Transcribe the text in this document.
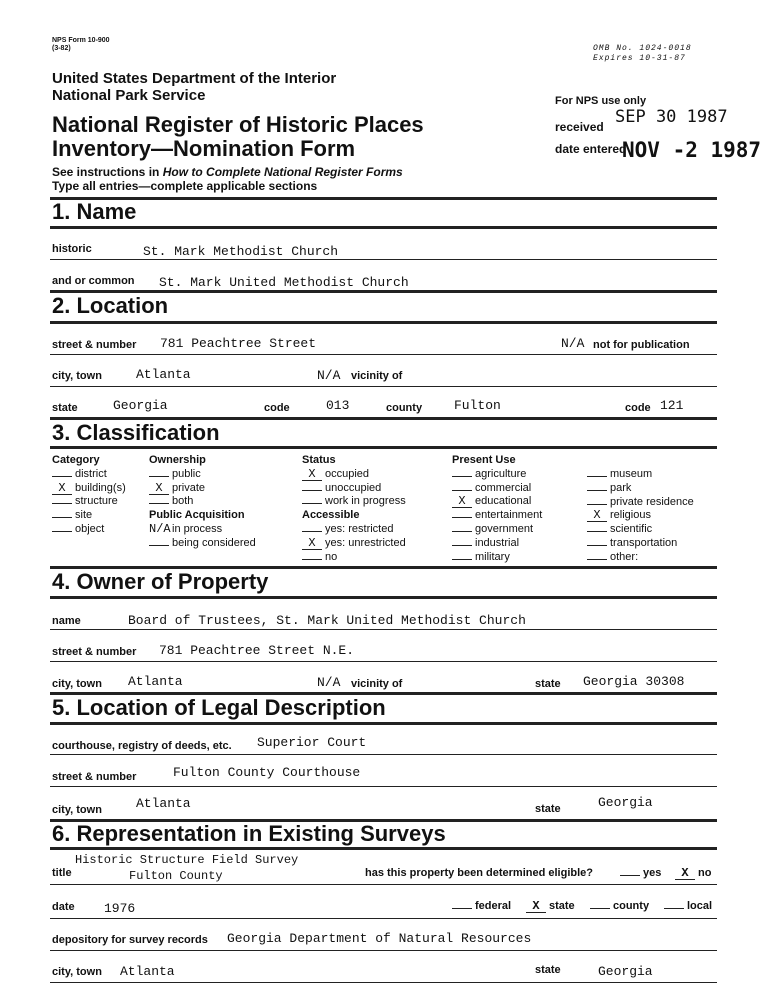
NPS Form 10-900
(3-82)	OMB No. 1024-0018
Expires 10-31-87
United States Department of the Interior
National Park Service
National Register of Historic Places
Inventory—Nomination Form
See instructions in How to Complete National Register Forms
Type all entries—complete applicable sections
For NPS use only
received SEP 30 1987
date entered
NOV -2 1987
1. Name
historic	St. Mark Methodist Church
and or common St. Mark United Methodist Church
2. Location
street & number 781 Peachtree Street	N/A not for publication
city, town	Atlanta	N/A vicinity of
state	Georgia	code	013	county Fulton	code 121
3. Classification
Category
district
X building(s)
structure
site
object
Ownership
public
X private
both
Public Acquisition
N/Ain process
being considered
Status
X occupied
unoccupied
work in progress
Accessible
yes: restricted
X yes: unrestricted
no
Present Use
agriculture
commercial
X educational
entertainment
government
industrial
military
museum
park
private residence
X religious
scientific
transportation
other:
4. Owner of Property
name	Board of Trustees, St. Mark United Methodist Church
street & number 781 Peachtree Street N.E.
city, town Atlanta	N/A vicinity of	state Georgia 30308
5. Location of Legal Description
courthouse, registry of deeds, etc. Superior Court
street & number	Fulton County Courthouse
city, town	Atlanta	state	Georgia
6. Representation in Existing Surveys
Historic Structure Field Survey
title	Fulton County	has this property been determined eligible?	yes	X no
date 1976	federal	X state	county	local
depository for survey records Georgia Department of Natural Resources
city, town Atlanta	state	Georgia
